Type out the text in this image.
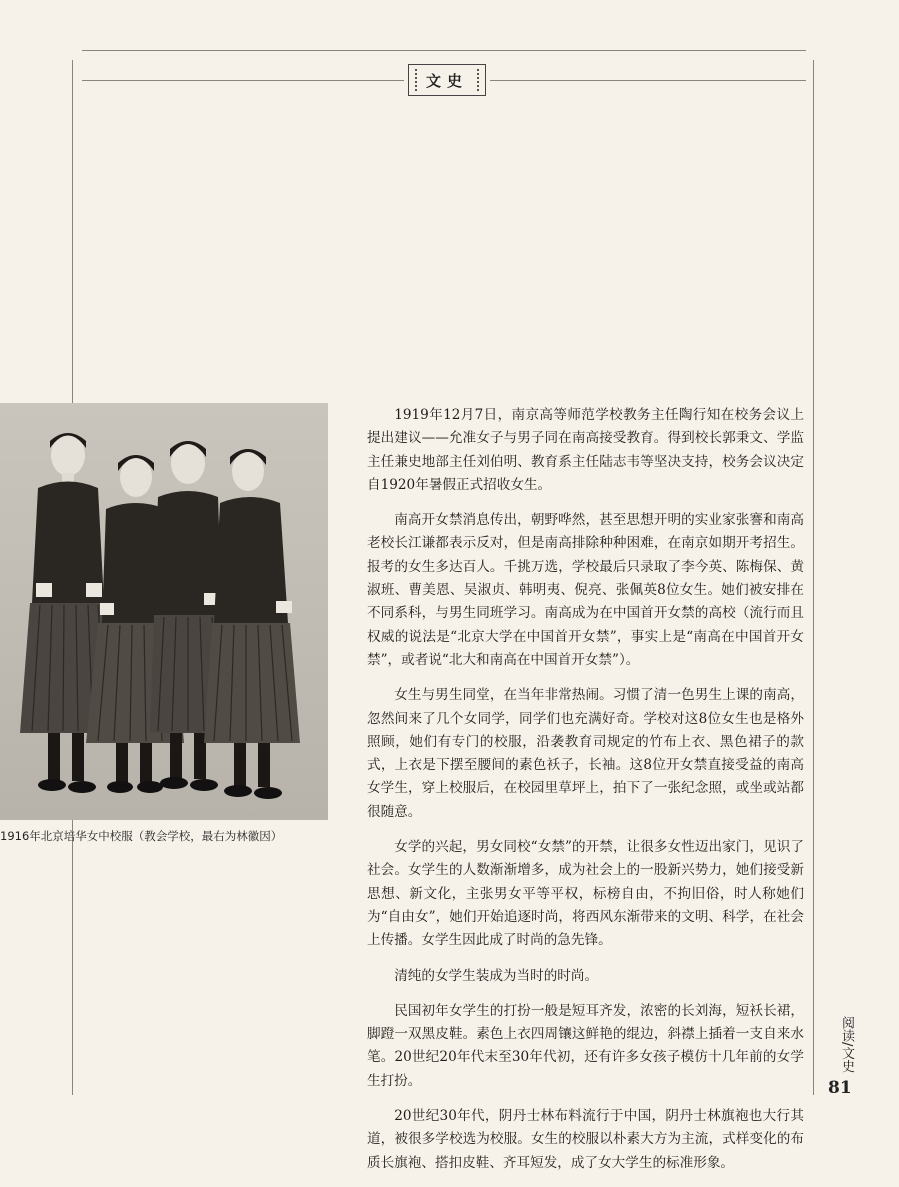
文史
1916年北京培华女中校服（教会学校，最右为林徽因）

1919年12月7日，南京高等师范学校教务主任陶行知在校务会议上提出建议——允准女子与男子同在南高接受教育。得到校长郭秉文、学监主任兼史地部主任刘伯明、教育系主任陆志韦等坚决支持，校务会议决定自1920年暑假正式招收女生。

南高开女禁消息传出，朝野哗然，甚至思想开明的实业家张謇和南高老校长江谦都表示反对，但是南高排除种种困难，在南京如期开考招生。报考的女生多达百人。千挑万选，学校最后只录取了李今英、陈梅保、黄淑班、曹美恩、吴淑贞、韩明夷、倪亮、张佩英8位女生。她们被安排在不同系科，与男生同班学习。南高成为在中国首开女禁的高校（流行而且权威的说法是“北京大学在中国首开女禁”，事实上是“南高在中国首开女禁”，或者说“北大和南高在中国首开女禁”）。

女生与男生同堂，在当年非常热闹。习惯了清一色男生上课的南高，忽然间来了几个女同学，同学们也充满好奇。学校对这8位女生也是格外照顾，她们有专门的校服，沿袭教育司规定的竹布上衣、黑色裙子的款式，上衣是下摆至腰间的素色袄子，长袖。这8位开女禁直接受益的南高女学生，穿上校服后，在校园里草坪上，拍下了一张纪念照，或坐或站都很随意。

女学的兴起，男女同校“女禁”的开禁，让很多女性迈出家门，见识了社会。女学生的人数渐渐增多，成为社会上的一股新兴势力，她们接受新思想、新文化，主张男女平等平权，标榜自由，不拘旧俗，时人称她们为“自由女”，她们开始追逐时尚，将西风东渐带来的文明、科学，在社会上传播。女学生因此成了时尚的急先锋。

清纯的女学生装成为当时的时尚。

民国初年女学生的打扮一般是短耳齐发，浓密的长刘海，短袄长裙，脚蹬一双黑皮鞋。素色上衣四周镶这鲜艳的绲边，斜襟上插着一支自来水笔。20世纪20年代末至30年代初，还有许多女孩子模仿十几年前的女学生打扮。

20世纪30年代，阴丹士林布料流行于中国，阴丹士林旗袍也大行其道，被很多学校选为校服。女生的校服以朴素大方为主流，式样变化的布质长旗袍、搭扣皮鞋、齐耳短发，成了女大学生的标准形象。

阅读/文史
81
